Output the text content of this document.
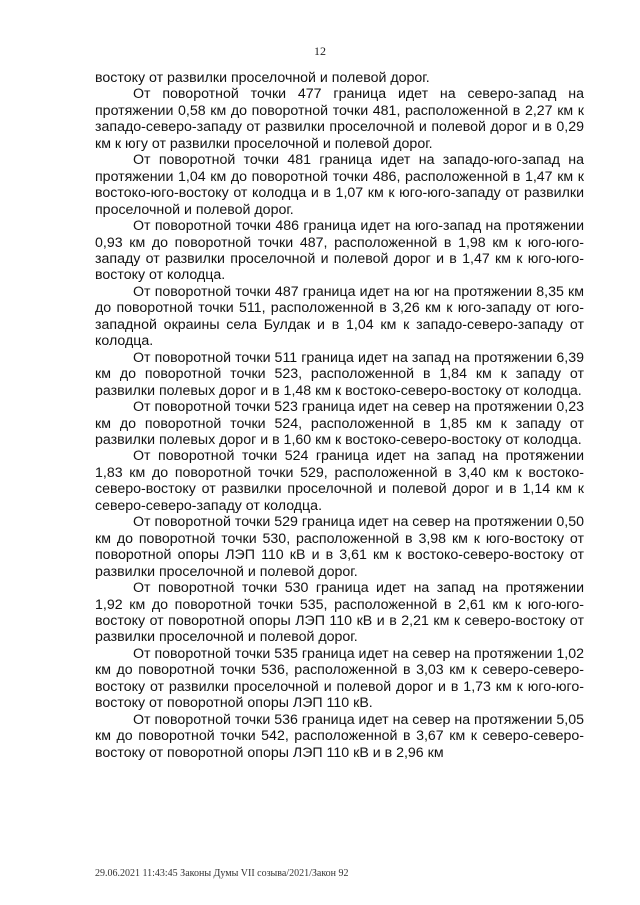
12

востоку от развилки проселочной и полевой дорог.

От поворотной точки 477 граница идет на северо-запад на протяжении 0,58 км до поворотной точки 481, расположенной в 2,27 км к западо-северо-западу от развилки проселочной и полевой дорог и в 0,29 км к югу от развилки проселочной и полевой дорог.

От поворотной точки 481 граница идет на западо-юго-запад на протяжении 1,04 км до поворотной точки 486, расположенной в 1,47 км к востоко-юго-востоку от колодца и в 1,07 км к юго-юго-западу от развилки проселочной и полевой дорог.

От поворотной точки 486 граница идет на юго-запад на протяжении 0,93 км до поворотной точки 487, расположенной в 1,98 км к юго-юго-западу от развилки проселочной и полевой дорог и в 1,47 км к юго-юго-востоку от колодца.

От поворотной точки 487 граница идет на юг на протяжении 8,35 км до поворотной точки 511, расположенной в 3,26 км к юго-западу от юго-западной окраины села Булдак и в 1,04 км к западо-северо-западу от колодца.

От поворотной точки 511 граница идет на запад на протяжении 6,39 км до поворотной точки 523, расположенной в 1,84 км к западу от развилки полевых дорог и в 1,48 км к востоко-северо-востоку от колодца.

От поворотной точки 523 граница идет на север на протяжении 0,23 км до поворотной точки 524, расположенной в 1,85 км к западу от развилки полевых дорог и в 1,60 км к востоко-северо-востоку от колодца.

От поворотной точки 524 граница идет на запад на протяжении 1,83 км до поворотной точки 529, расположенной в 3,40 км к востоко-северо-востоку от развилки проселочной и полевой дорог и в 1,14 км к северо-северо-западу от колодца.

От поворотной точки 529 граница идет на север на протяжении 0,50 км до поворотной точки 530, расположенной в 3,98 км к юго-востоку от поворотной опоры ЛЭП 110 кВ и в 3,61 км к востоко-северо-востоку от развилки проселочной и полевой дорог.

От поворотной точки 530 граница идет на запад на протяжении 1,92 км до поворотной точки 535, расположенной в 2,61 км к юго-юго-востоку от поворотной опоры ЛЭП 110 кВ и в 2,21 км к северо-востоку от развилки проселочной и полевой дорог.

От поворотной точки 535 граница идет на север на протяжении 1,02 км до поворотной точки 536, расположенной в 3,03 км к северо-северо-востоку от развилки проселочной и полевой дорог и в 1,73 км к юго-юго-востоку от поворотной опоры ЛЭП 110 кВ.

От поворотной точки 536 граница идет на север на протяжении 5,05 км до поворотной точки 542, расположенной в 3,67 км к северо-северо-востоку от поворотной опоры ЛЭП 110 кВ и в 2,96 км

29.06.2021 11:43:45 Законы Думы VII созыва/2021/Закон 92
